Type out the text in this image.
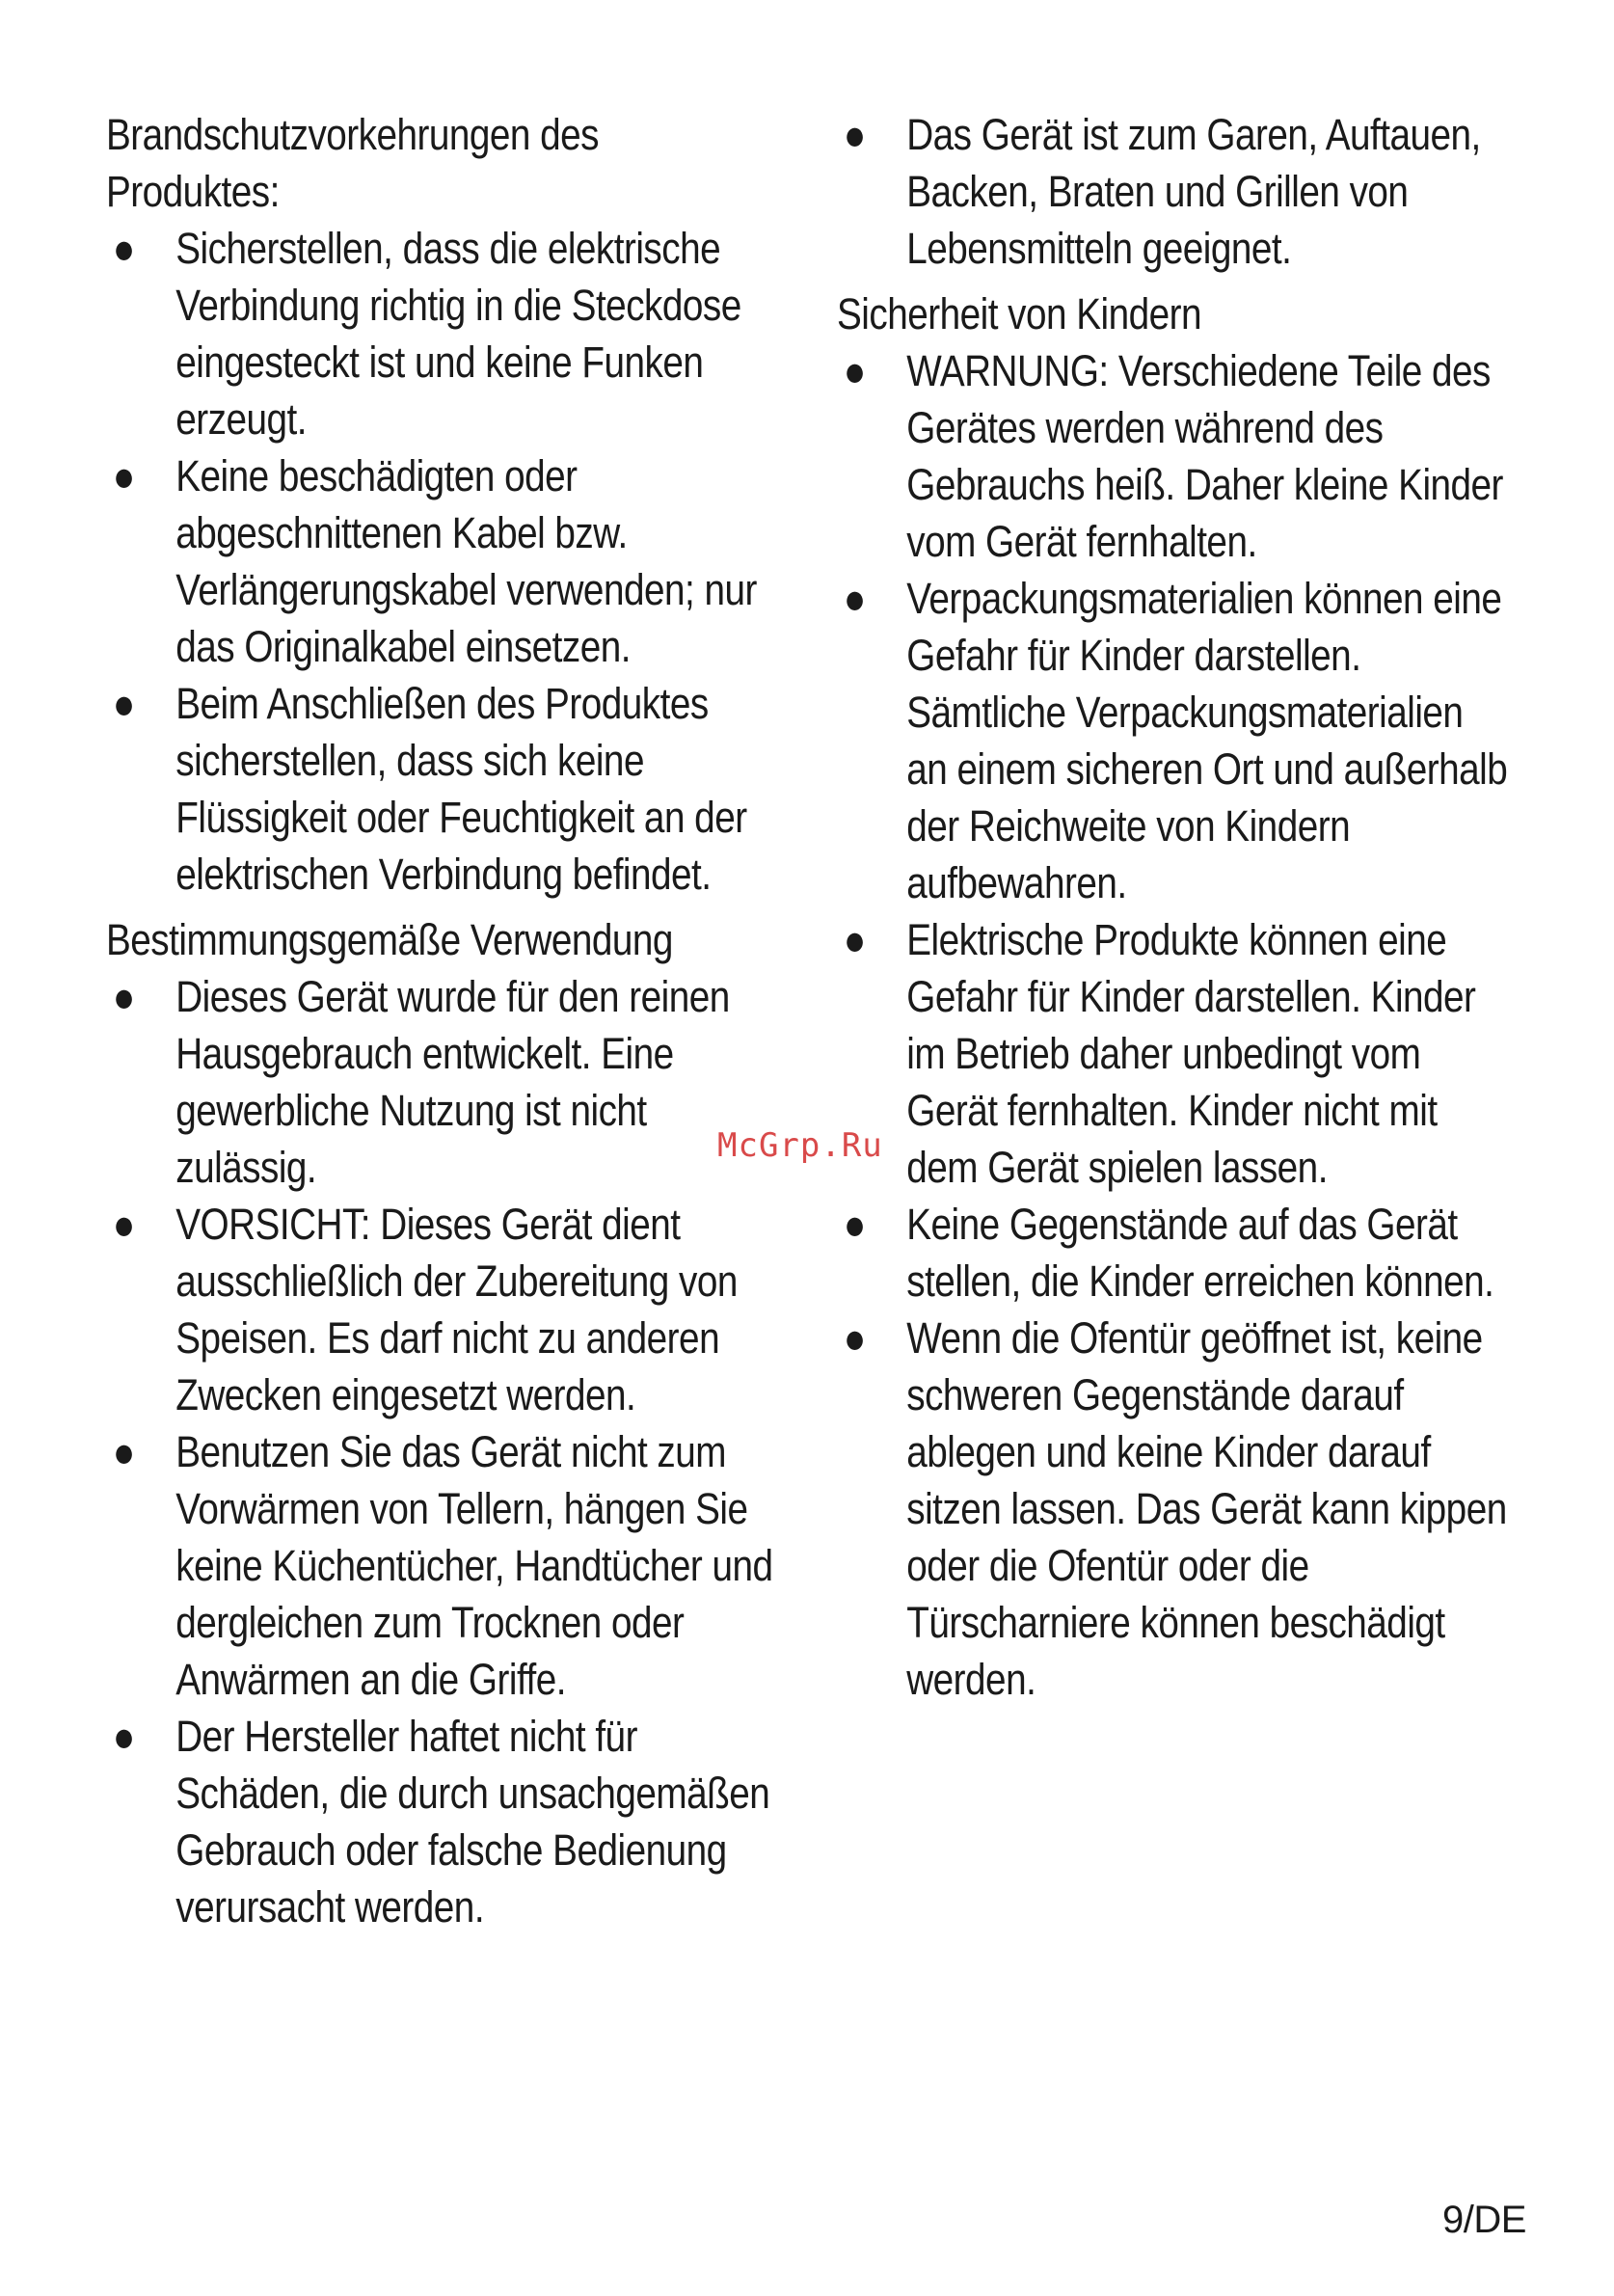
Brandschutzvorkehrungen des Produktes:

● Sicherstellen, dass die elektrische Verbindung richtig in die Steckdose eingesteckt ist und keine Funken erzeugt.
● Keine beschädigten oder abgeschnittenen Kabel bzw. Verlängerungskabel verwenden; nur das Originalkabel einsetzen.
● Beim Anschließen des Produktes sicherstellen, dass sich keine Flüssigkeit oder Feuchtigkeit an der elektrischen Verbindung befindet.
Bestimmungsgemäße Verwendung
● Dieses Gerät wurde für den reinen Hausgebrauch entwickelt. Eine gewerbliche Nutzung ist nicht zulässig.
● VORSICHT: Dieses Gerät dient ausschließlich der Zubereitung von Speisen. Es darf nicht zu anderen Zwecken eingesetzt werden.
● Benutzen Sie das Gerät nicht zum Vorwärmen von Tellern, hängen Sie keine Küchentücher, Handtücher und dergleichen zum Trocknen oder Anwärmen an die Griffe.
● Der Hersteller haftet nicht für Schäden, die durch unsachgemäßen Gebrauch oder falsche Bedienung verursacht werden.
● Das Gerät ist zum Garen, Auftauen, Backen, Braten und Grillen von Lebensmitteln geeignet.
Sicherheit von Kindern
● WARNUNG: Verschiedene Teile des Gerätes werden während des Gebrauchs heiß. Daher kleine Kinder vom Gerät fernhalten.
● Verpackungsmaterialien können eine Gefahr für Kinder darstellen. Sämtliche Verpackungsmaterialien an einem sicheren Ort und außerhalb der Reichweite von Kindern aufbewahren.
● Elektrische Produkte können eine Gefahr für Kinder darstellen. Kinder im Betrieb daher unbedingt vom Gerät fernhalten. Kinder nicht mit dem Gerät spielen lassen.
● Keine Gegenstände auf das Gerät stellen, die Kinder erreichen können.
● Wenn die Ofentür geöffnet ist, keine schweren Gegenstände darauf ablegen und keine Kinder darauf sitzen lassen. Das Gerät kann kippen oder die Ofentür oder die Türscharniere können beschädigt werden.
McGrp.Ru
9/DE
